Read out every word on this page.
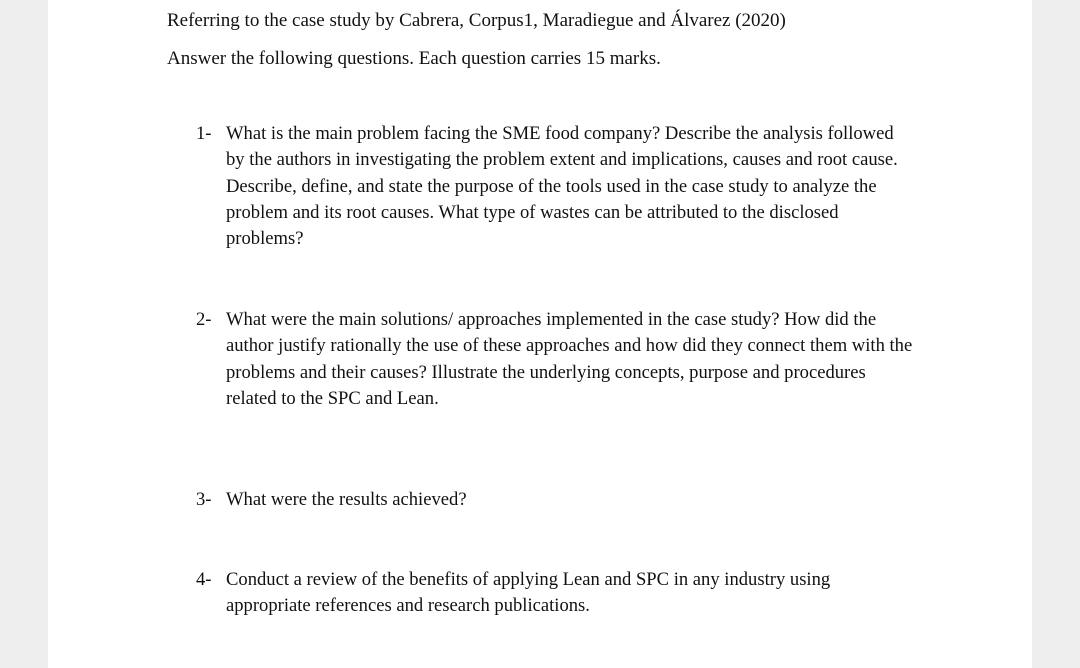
Referring to the case study by Cabrera, Corpus1, Maradiegue and Álvarez (2020)
Answer the following questions. Each question carries 15 marks.
1- What is the main problem facing the SME food company? Describe the analysis followed by the authors in investigating the problem extent and implications, causes and root cause. Describe, define, and state the purpose of the tools used in the case study to analyze the problem and its root causes. What type of wastes can be attributed to the disclosed problems?
2- What were the main solutions/ approaches implemented in the case study? How did the author justify rationally the use of these approaches and how did they connect them with the problems and their causes? Illustrate the underlying concepts, purpose and procedures related to the SPC and Lean.
3- What were the results achieved?
4- Conduct a review of the benefits of applying Lean and SPC in any industry using appropriate references and research publications.
